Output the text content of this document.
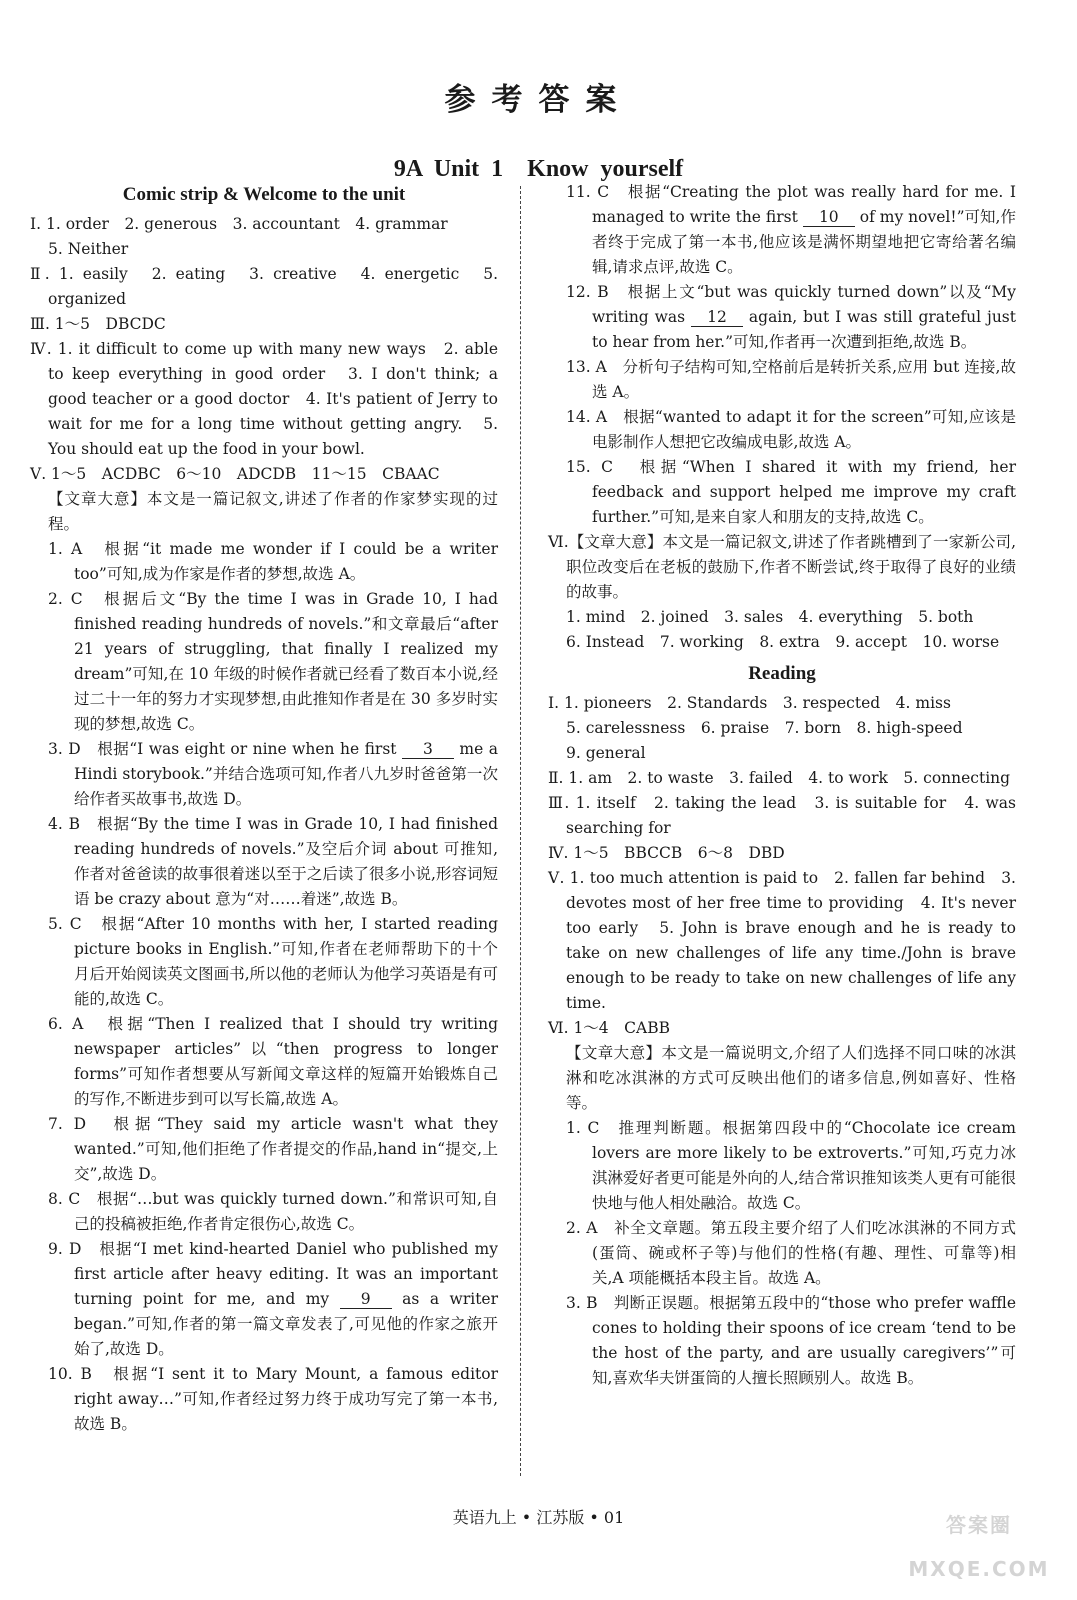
参考答案
9A Unit 1　Know yourself
Comic strip & Welcome to the unit

Ⅰ. 1. order　2. generous　3. accountant　4. grammar

5. Neither

Ⅱ. 1. easily　2. eating　3. creative　4. energetic　5. organized

Ⅲ. 1～5　DBCDC

Ⅳ. 1. it difficult to come up with many new ways　2. able to keep everything in good order　3. I don't think; a good teacher or a good doctor　4. It's patient of Jerry to wait for me for a long time without getting angry.　5. You should eat up the food in your bowl.

Ⅴ. 1～5　ACDBC　6～10　ADCDB　11～15　CBAAC

【文章大意】本文是一篇记叙文,讲述了作者的作家梦实现的过程。

1. A　根据“it made me wonder if I could be a writer too”可知,成为作家是作者的梦想,故选 A。

2. C　根据后文“By the time I was in Grade 10, I had finished reading hundreds of novels.”和文章最后“after 21 years of struggling, that finally I realized my dream”可知,在 10 年级的时候作者就已经看了数百本小说,经过二十一年的努力才实现梦想,由此推知作者是在 30 多岁时实现的梦想,故选 C。

3. D　根据“I was eight or nine when he first 3 me a Hindi storybook.”并结合选项可知,作者八九岁时爸爸第一次给作者买故事书,故选 D。

4. B　根据“By the time I was in Grade 10, I had finished reading hundreds of novels.”及空后介词 about 可推知,作者对爸爸读的故事很着迷以至于之后读了很多小说,形容词短语 be crazy about 意为“对……着迷”,故选 B。

5. C　根据“After 10 months with her, I started reading picture books in English.”可知,作者在老师帮助下的十个月后开始阅读英文图画书,所以他的老师认为他学习英语是有可能的,故选 C。

6. A　根据“Then I realized that I should try writing newspaper articles”以“then progress to longer forms”可知作者想要从写新闻文章这样的短篇开始锻炼自己的写作,不断进步到可以写长篇,故选 A。

7. D　根据“They said my article wasn't what they wanted.”可知,他们拒绝了作者提交的作品,hand in“提交,上交”,故选 D。

8. C　根据“…but was quickly turned down.”和常识可知,自己的投稿被拒绝,作者肯定很伤心,故选 C。

9. D　根据“I met kind-hearted Daniel who published my first article after heavy editing. It was an important turning point for me, and my 9 as a writer began.”可知,作者的第一篇文章发表了,可见他的作家之旅开始了,故选 D。

10. B　根据“I sent it to Mary Mount, a famous editor right away…”可知,作者经过努力终于成功写完了第一本书,故选 B。

11. C　根据“Creating the plot was really hard for me. I managed to write the first 10 of my novel!”可知,作者终于完成了第一本书,他应该是满怀期望地把它寄给著名编辑,请求点评,故选 C。

12. B　根据上文“but was quickly turned down”以及“My writing was 12 again, but I was still grateful just to hear from her.”可知,作者再一次遭到拒绝,故选 B。

13. A　分析句子结构可知,空格前后是转折关系,应用 but 连接,故选 A。

14. A　根据“wanted to adapt it for the screen”可知,应该是电影制作人想把它改编成电影,故选 A。

15. C　根据“When I shared it with my friend, her feedback and support helped me improve my craft further.”可知,是来自家人和朋友的支持,故选 C。

Ⅵ.【文章大意】本文是一篇记叙文,讲述了作者跳槽到了一家新公司,职位改变后在老板的鼓励下,作者不断尝试,终于取得了良好的业绩的故事。

1. mind　2. joined　3. sales　4. everything　5. both

6. Instead　7. working　8. extra　9. accept　10. worse

Reading

Ⅰ. 1. pioneers　2. Standards　3. respected　4. miss

5. carelessness　6. praise　7. born　8. high-speed

9. general

Ⅱ. 1. am　2. to waste　3. failed　4. to work　5. connecting

Ⅲ. 1. itself　2. taking the lead　3. is suitable for　4. was searching for

Ⅳ. 1～5　BBCCB　6～8　DBD

Ⅴ. 1. too much attention is paid to　2. fallen far behind　3. devotes most of her free time to providing　4. It's never too early　5. John is brave enough and he is ready to take on new challenges of life any time./John is brave enough to be ready to take on new challenges of life any time.

Ⅵ. 1～4　CABB

【文章大意】本文是一篇说明文,介绍了人们选择不同口味的冰淇淋和吃冰淇淋的方式可反映出他们的诸多信息,例如喜好、性格等。

1. C　推理判断题。根据第四段中的“Chocolate ice cream lovers are more likely to be extroverts.”可知,巧克力冰淇淋爱好者更可能是外向的人,结合常识推知该类人更有可能很快地与他人相处融洽。故选 C。

2. A　补全文章题。第五段主要介绍了人们吃冰淇淋的不同方式(蛋筒、碗或杯子等)与他们的性格(有趣、理性、可靠等)相关,A 项能概括本段主旨。故选 A。

3. B　判断正误题。根据第五段中的“those who prefer waffle cones to holding their spoons of ice cream ‘tend to be the host of the party, and are usually caregivers’”可知,喜欢华夫饼蛋筒的人擅长照顾别人。故选 B。

英语九上 • 江苏版 • 01	答案圈
MXQE.COM
